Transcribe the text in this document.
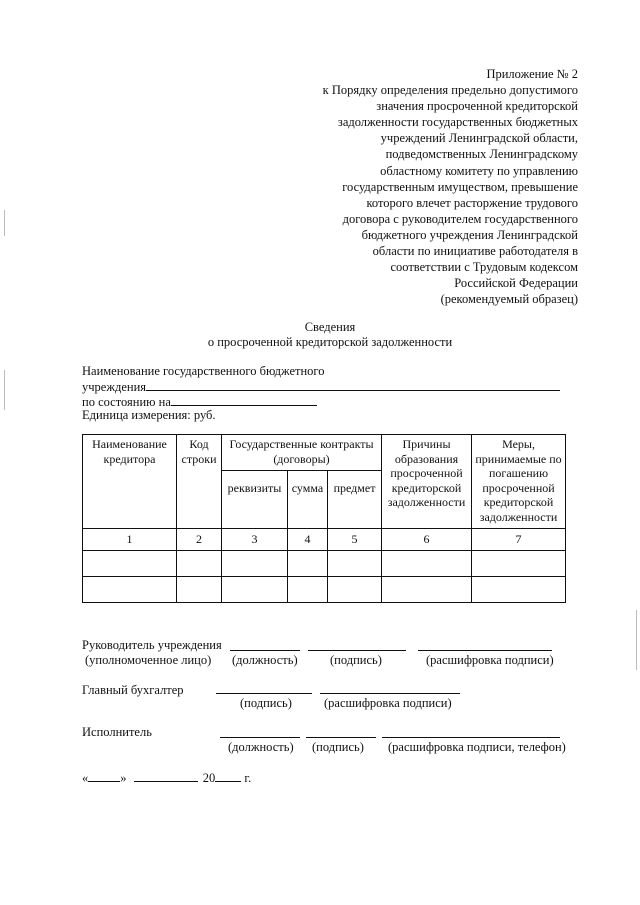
Приложение № 2
к Порядку определения предельно допустимого
значения просроченной кредиторской
задолженности государственных бюджетных
учреждений Ленинградской области,
подведомственных Ленинградскому
областному комитету по управлению
государственным имуществом, превышение
которого влечет расторжение трудового
договора с руководителем государственного
бюджетного учреждения Ленинградской
области по инициативе работодателя в
соответствии с Трудовым кодексом
Российской Федерации
(рекомендуемый образец)
Сведения
о просроченной кредиторской задолженности
Наименование государственного бюджетного
учреждения
по состоянию на
Единица измерения: руб.
Наименование кредитора	Код строки	Государственные контракты (договоры)			Причины образования просроченной кредиторской задолженности	Меры, принимаемые по погашению просроченной кредиторской задолженности
		реквизиты	сумма	предмет		
1	2	3	4	5	6	7

Руководитель учреждения
(уполномоченное лицо) (должность)	(подпись)	(расшифровка подписи)
Главный бухгалтер
(подпись)	(расшифровка подписи)
Исполнитель
(должность) (подпись) (расшифровка подписи, телефон)
«	»	20 г.
